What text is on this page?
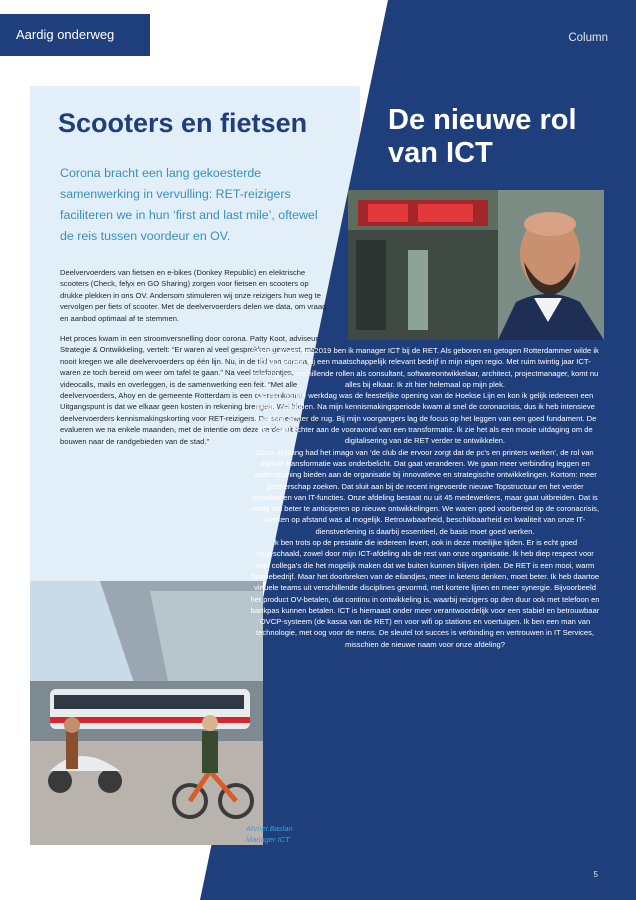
Aardig onderweg	Column
Scooters en fietsen	De nieuwe rol van ICT

Corona bracht een lang gekoesterde samenwerking in vervulling: RET-reizigers faciliteren we in hun ‘first and last mile’, oftewel de reis tussen voordeur en OV.

Deelvervoerders van fietsen en e-bikes (Donkey Republic) en elektrische scooters (Check, felyx en GO Sharing) zorgen voor fietsen en scooters op drukke plekken in ons OV. Andersom stimuleren wij onze reizigers hun weg te vervolgen per fiets of scooter. Met de deelvervoerders delen we data, om vraag en aanbod optimaal af te stemmen.

Het proces kwam in een stroomversnelling door corona. Patty Koot, adviseur Strategie & Ontwikkeling, vertelt: “Er waren al veel gesprekken geweest, maar nooit kregen we alle deelvervoerders op één lijn. Nu, in de tijd van corona, waren ze toch bereid om weer om tafel te gaan.” Na veel telefoontjes, videocalls, mails en overleggen, is de samenwerking een feit. “Met alle deelvervoerders, Ahoy en de gemeente Rotterdam is een overeenkomst. Uitgangspunt is dat we elkaar geen kosten in rekening brengen. Wel bieden deelvervoerders kennismakingskorting voor RET-reizigers. De samenwerking evalueren we na enkele maanden, met de intentie om deze verder uit te bouwen naar de randgebieden van de stad.”

Sinds 1 november 2019 ben ik manager ICT bij de RET. Als geboren en getogen Rotterdammer wilde ik graag werken bij een maatschappelijk relevant bedrijf in mijn eigen regio. Met ruim twintig jaar ICT-ervaring in verschillende rollen als consultant, softwareontwikkelaar, architect, projectmanager, komt nu alles bij elkaar. Ik zit hier helemaal op mijn plek.

Op mijn eerste werkdag was de feestelijke opening van de Hoekse Lijn en kon ik gelijk iedereen een handje schudden. Na mijn kennismakingsperiode kwam al snel de coronacrisis, dus ik heb intensieve maanden achter de rug. Bij mijn voorgangers lag de focus op het leggen van een goed fundament. De RET staat echter aan de vooravond van een transformatie. Ik zie het als een mooie uitdaging om de digitalisering van de RET verder te ontwikkelen.

Onze afdeling had het imago van ‘de club die ervoor zorgt dat de pc’s en printers werken’, de rol van digitale transformatie was onderbelicht. Dat gaat veranderen. We gaan meer verbinding leggen en ondersteuning bieden aan de organisatie bij innovatieve en strategische ontwikkelingen. Kortom: meer partnerschap zoeken. Dat sluit aan bij de recent ingevoerde nieuwe Topstructuur en het verder ontwikkelen van IT-functies. Onze afdeling bestaat nu uit 45 medewerkers, maar gaat uitbreiden. Dat is nodig om beter te anticiperen op nieuwe ontwikkelingen. We waren goed voorbereid op de coronacrisis, werken op afstand was al mogelijk. Betrouwbaarheid, beschikbaarheid en kwaliteit van onze IT-dienstverlening is daarbij essentieel, de basis moet goed werken.

Ik ben trots op de prestatie die iedereen levert, ook in deze moeilijke tijden. Er is echt goed opgeschaald, zowel door mijn ICT-afdeling als de rest van onze organisatie. Ik heb diep respect voor mijn collega’s die het mogelijk maken dat we buiten kunnen blijven rijden. De RET is een mooi, warm familiebedrijf. Maar het doorbreken van de eilandjes, meer in ketens denken, moet beter. Ik heb daartoe virtuele teams uit verschillende disciplines gevormd, met kortere lijnen en meer synergie. Bijvoorbeeld het product OV-betalen, dat continu in ontwikkeling is, waarbij reizigers op den duur ook met telefoon en bankpas kunnen betalen. ICT is hiernaast onder meer verantwoordelijk voor een stabiel en betrouwbaar OVCP-systeem (de kassa van de RET) en voor wifi op stations en voertuigen. Ik ben een man van technologie, met oog voor de mens. De sleutel tot succes is verbinding en vertrouwen in IT Services, misschien de nieuwe naam voor onze afdeling?

Ahmet Baslan
Manager ICT
5
